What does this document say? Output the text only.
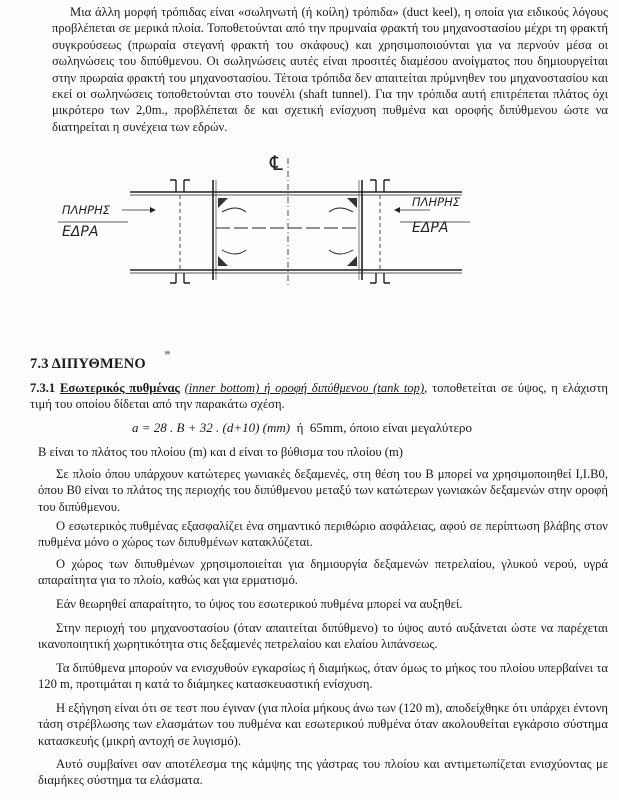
Μια άλλη μορφή τρόπιδας είναι «σωληνωτή (ή κοίλη) τρόπιδα» (duct keel), η οποία για ειδικούς λόγους προβλέπεται σε μερικά πλοία. Τοποθετούνται από την πρυμναία φρακτή του μηχανοστασίου μέχρι τη φρακτή συγκρούσεως (πρωραία στεγανή φρακτή του σκάφους) και χρησιμοποιούνται για να περνούν μέσα οι σωληνώσεις του διπύθμενου. Οι σωληνώσεις αυτές είναι προσιτές διαμέσου ανοίγματος που δημιουργείται στην πρωραία φρακτή του μηχανοστασίου. Τέτοια τρόπιδα δεν απαιτείται πρύμνηθεν του μηχανοστασίου και εκεί οι σωληνώσεις τοποθετούνται στο τουνέλι (shaft tunnel). Για την τρόπιδα αυτή επιτρέπεται πλάτος όχι μικρότερο των 2,0m., προβλέπεται δε και σχετική ενίσχυση πυθμένα και οροφής διπύθμενου ώστε να διατηρείται η συνέχεια των εδρών.

℄
ΠΛΗΡΗΣ
ΕΔΡΑ
ΠΛΗΡΗΣ
ΕΔΡΑ
≡
7.3 ΔΙΠΥΘΜΕΝΟ

7.3.1 Εσωτερικός πυθμένας (inner bottom) ή οροφή διπύθμενου (tank top), τοποθετείται σε ύψος, η ελάχιστη τιμή του οποίου δίδεται από την παρακάτω σχέση.

a = 28 . B + 32 . (d+10) (mm) ή 65mm, όποιο είναι μεγαλύτερο

B είναι το πλάτος του πλοίου (m) και d είναι το βύθισμα του πλοίου (m)

Σε πλοίο όπου υπάρχουν κατώτερες γωνιακές δεξαμενές, στη θέση του B μπορεί να χρησιμοποιηθεί Ι,Ι.Β0, όπου Β0 είναι το πλάτος της περιοχής του διπύθμενου μεταξύ των κατώτερων γωνιακών δεξαμενών στην οροφή του διπύθμενου.

Ο εσωτερικός πυθμένας εξασφαλίζει ένα σημαντικό περιθώριο ασφάλειας, αφού σε περίπτωση βλάβης στον πυθμένα μόνο ο χώρος των διπυθμένων κατακλύζεται.

Ο χώρος των διπυθμένων χρησιμοποιείται για δημιουργία δεξαμενών πετρελαίου, γλυκού νερού, υγρά απαραίτητα για το πλοίο, καθώς και για ερματισμό.

Εάν θεωρηθεί απαραίτητο, το ύψος του εσωτερικού πυθμένα μπορεί να αυξηθεί.

Στην περιοχή του μηχανοστασίου (όταν απαιτείται διπύθμενο) το ύψος αυτό αυξάνεται ώστε να παρέχεται ικανοποιητική χωρητικότητα στις δεξαμενές πετρελαίου και ελαίου λιπάνσεως.

Τα διπύθμενα μπορούν να ενισχυθούν εγκαρσίως ή διαμήκως, όταν όμως το μήκος του πλοίου υπερβαίνει τα 120 m, προτιμάται η κατά το διάμηκες κατασκευαστική ενίσχυση.

Η εξήγηση είναι ότι σε τεστ που έγιναν (για πλοία μήκους άνω των (120 m), αποδείχθηκε ότι υπάρχει έντονη τάση στρέβλωσης των ελασμάτων του πυθμένα και εσωτερικού πυθμένα όταν ακολουθείται εγκάρσιο σύστημα κατασκευής (μικρή αντοχή σε λυγισμό).

Αυτό συμβαίνει σαν αποτέλεσμα της κάμψης της γάστρας του πλοίου και αντιμετωπίζεται ενισχύοντας με διαμήκες σύστημα τα ελάσματα.
